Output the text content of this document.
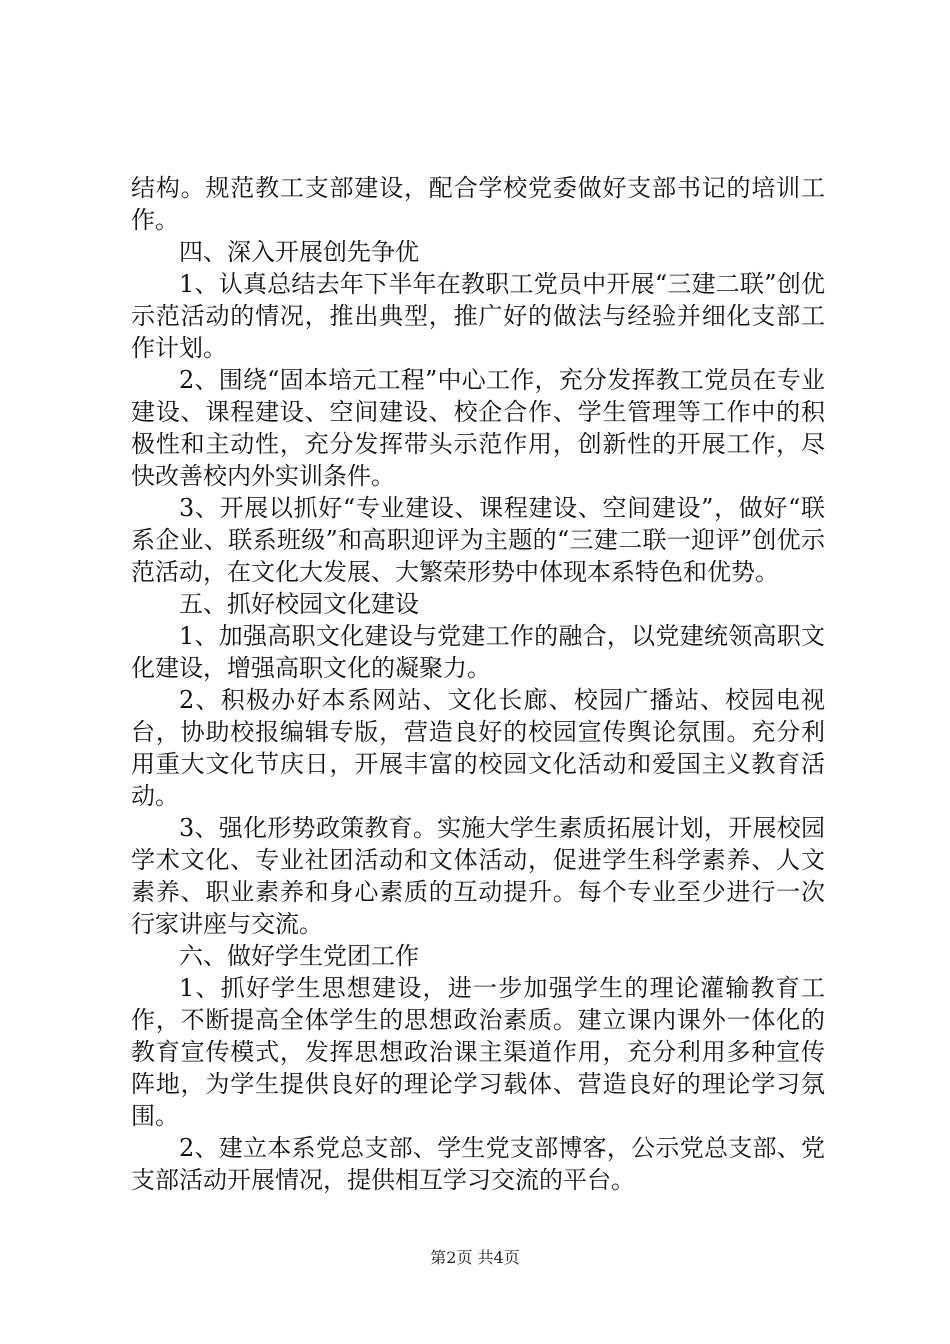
结构。规范教工支部建设，配合学校党委做好支部书记的培训工作。

四、深入开展创先争优

1、认真总结去年下半年在教职工党员中开展“三建二联”创优示范活动的情况，推出典型，推广好的做法与经验并细化支部工作计划。

2、围绕“固本培元工程”中心工作，充分发挥教工党员在专业建设、课程建设、空间建设、校企合作、学生管理等工作中的积极性和主动性，充分发挥带头示范作用，创新性的开展工作，尽快改善校内外实训条件。

3、开展以抓好“专业建设、课程建设、空间建设”，做好“联系企业、联系班级”和高职迎评为主题的“三建二联一迎评”创优示范活动，在文化大发展、大繁荣形势中体现本系特色和优势。

五、抓好校园文化建设

1、加强高职文化建设与党建工作的融合，以党建统领高职文化建设，增强高职文化的凝聚力。

2、积极办好本系网站、文化长廊、校园广播站、校园电视台，协助校报编辑专版，营造良好的校园宣传舆论氛围。充分利用重大文化节庆日，开展丰富的校园文化活动和爱国主义教育活动。

3、强化形势政策教育。实施大学生素质拓展计划，开展校园学术文化、专业社团活动和文体活动，促进学生科学素养、人文素养、职业素养和身心素质的互动提升。每个专业至少进行一次行家讲座与交流。

六、做好学生党团工作

1、抓好学生思想建设，进一步加强学生的理论灌输教育工作，不断提高全体学生的思想政治素质。建立课内课外一体化的教育宣传模式，发挥思想政治课主渠道作用，充分利用多种宣传阵地，为学生提供良好的理论学习载体、营造良好的理论学习氛围。

2、建立本系党总支部、学生党支部博客，公示党总支部、党支部活动开展情况，提供相互学习交流的平台。

第2页 共4页
